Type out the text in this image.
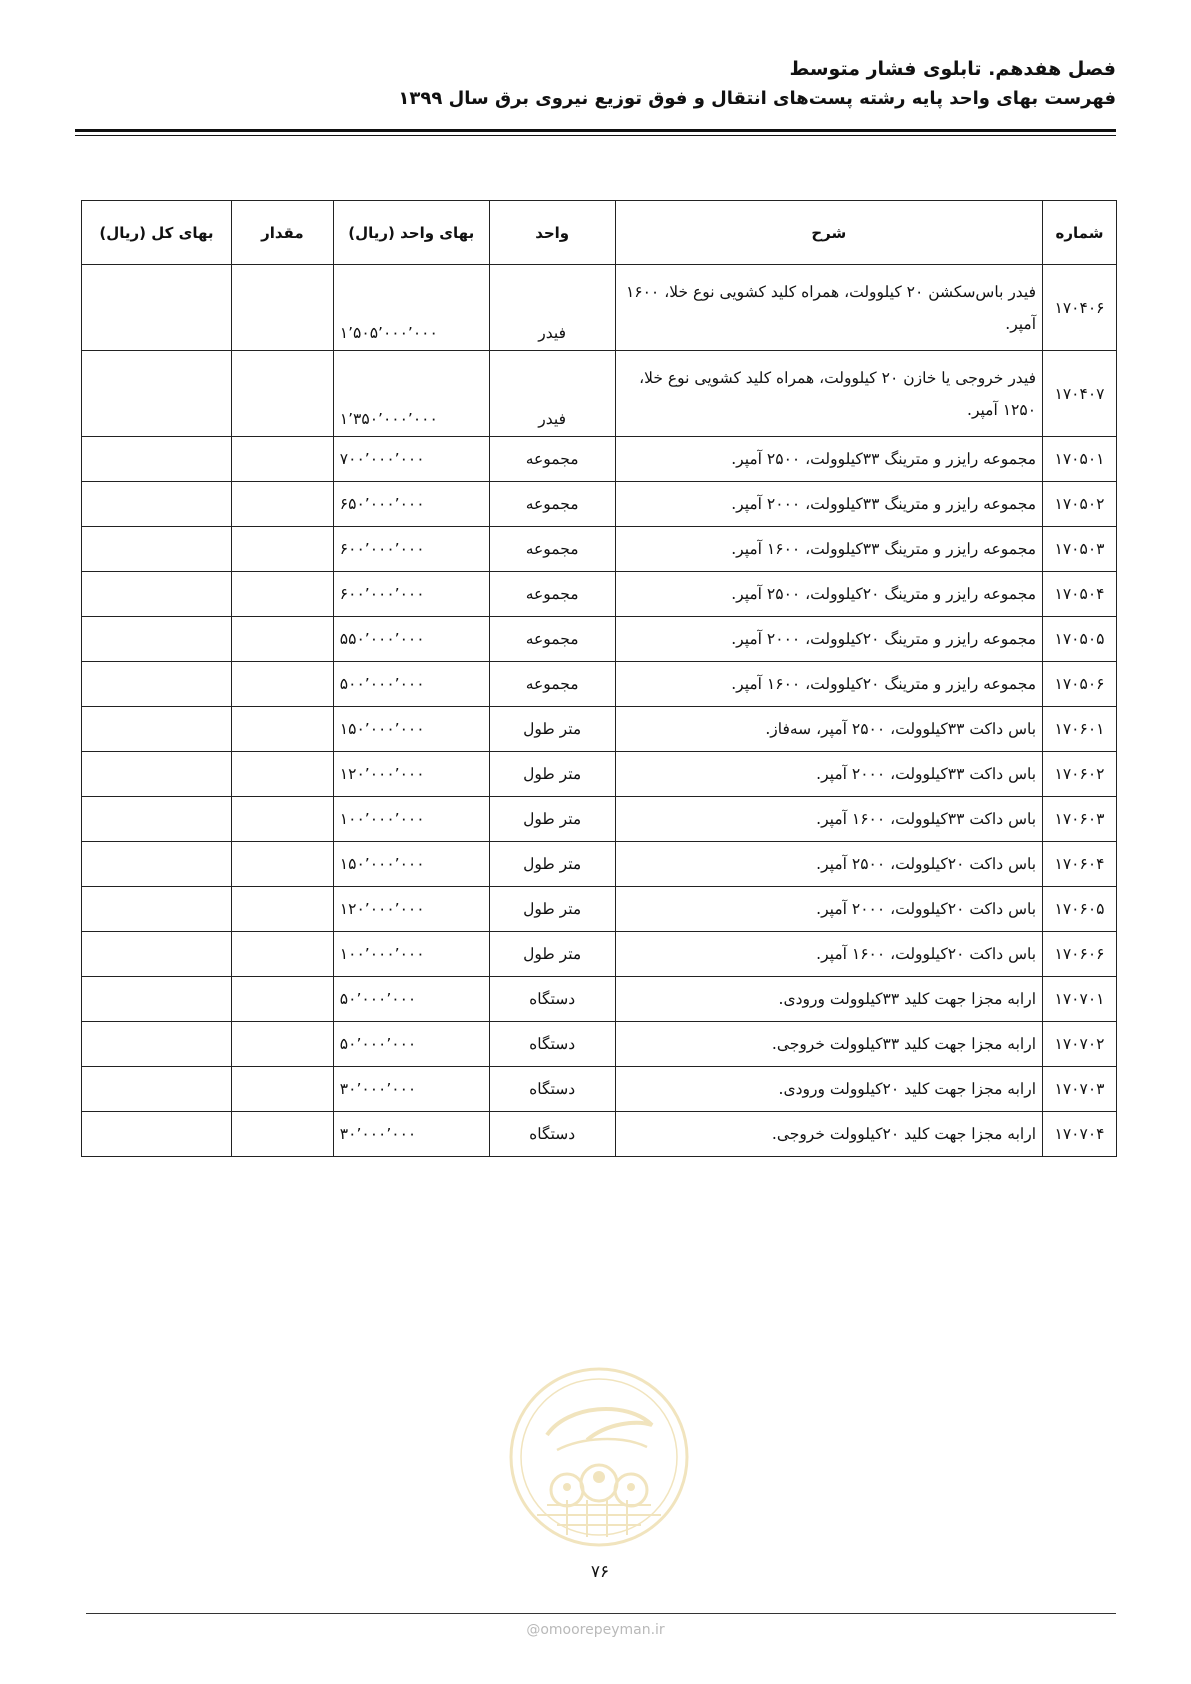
فصل هفدهم. تابلوی فشار متوسط
فهرست بهای واحد پایه رشته پست‌های انتقال و فوق توزیع نیروی برق سال ۱۳۹۹
شماره	شرح	واحد	بهای واحد (ریال)	مقدار	بهای کل (ریال)
۱۷۰۴۰۶	فیدر باس‌سکشن ۲۰ کیلوولت، همراه کلید کشویی نوع خلا، ۱۶۰۰ آمپر.	فیدر	۱٬۵۰۵٬۰۰۰٬۰۰۰		
۱۷۰۴۰۷	فیدر خروجی یا خازن ۲۰ کیلوولت، همراه کلید کشویی نوع خلا، ۱۲۵۰ آمپر.	فیدر	۱٬۳۵۰٬۰۰۰٬۰۰۰		
۱۷۰۵۰۱	مجموعه رایزر و مترینگ ۳۳کیلوولت، ۲۵۰۰ آمپر.	مجموعه	۷۰۰٬۰۰۰٬۰۰۰		
۱۷۰۵۰۲	مجموعه رایزر و مترینگ ۳۳کیلوولت، ۲۰۰۰ آمپر.	مجموعه	۶۵۰٬۰۰۰٬۰۰۰		
۱۷۰۵۰۳	مجموعه رایزر و مترینگ ۳۳کیلوولت، ۱۶۰۰ آمپر.	مجموعه	۶۰۰٬۰۰۰٬۰۰۰		
۱۷۰۵۰۴	مجموعه رایزر و مترینگ ۲۰کیلوولت، ۲۵۰۰ آمپر.	مجموعه	۶۰۰٬۰۰۰٬۰۰۰		
۱۷۰۵۰۵	مجموعه رایزر و مترینگ ۲۰کیلوولت، ۲۰۰۰ آمپر.	مجموعه	۵۵۰٬۰۰۰٬۰۰۰		
۱۷۰۵۰۶	مجموعه رایزر و مترینگ ۲۰کیلوولت، ۱۶۰۰ آمپر.	مجموعه	۵۰۰٬۰۰۰٬۰۰۰		
۱۷۰۶۰۱	باس داکت ۳۳کیلوولت، ۲۵۰۰ آمپر، سه‌فاز.	متر طول	۱۵۰٬۰۰۰٬۰۰۰		
۱۷۰۶۰۲	باس داکت ۳۳کیلوولت، ۲۰۰۰ آمپر.	متر طول	۱۲۰٬۰۰۰٬۰۰۰		
۱۷۰۶۰۳	باس داکت ۳۳کیلوولت، ۱۶۰۰ آمپر.	متر طول	۱۰۰٬۰۰۰٬۰۰۰		
۱۷۰۶۰۴	باس داکت ۲۰کیلوولت، ۲۵۰۰ آمپر.	متر طول	۱۵۰٬۰۰۰٬۰۰۰		
۱۷۰۶۰۵	باس داکت ۲۰کیلوولت، ۲۰۰۰ آمپر.	متر طول	۱۲۰٬۰۰۰٬۰۰۰		
۱۷۰۶۰۶	باس داکت ۲۰کیلوولت، ۱۶۰۰ آمپر.	متر طول	۱۰۰٬۰۰۰٬۰۰۰		
۱۷۰۷۰۱	ارابه مجزا جهت کلید ۳۳کیلوولت ورودی.	دستگاه	۵۰٬۰۰۰٬۰۰۰		
۱۷۰۷۰۲	ارابه مجزا جهت کلید ۳۳کیلوولت خروجی.	دستگاه	۵۰٬۰۰۰٬۰۰۰		
۱۷۰۷۰۳	ارابه مجزا جهت کلید ۲۰کیلوولت ورودی.	دستگاه	۳۰٬۰۰۰٬۰۰۰		
۱۷۰۷۰۴	ارابه مجزا جهت کلید ۲۰کیلوولت خروجی.	دستگاه	۳۰٬۰۰۰٬۰۰۰		
۷۶
@omoorepeyman.ir
